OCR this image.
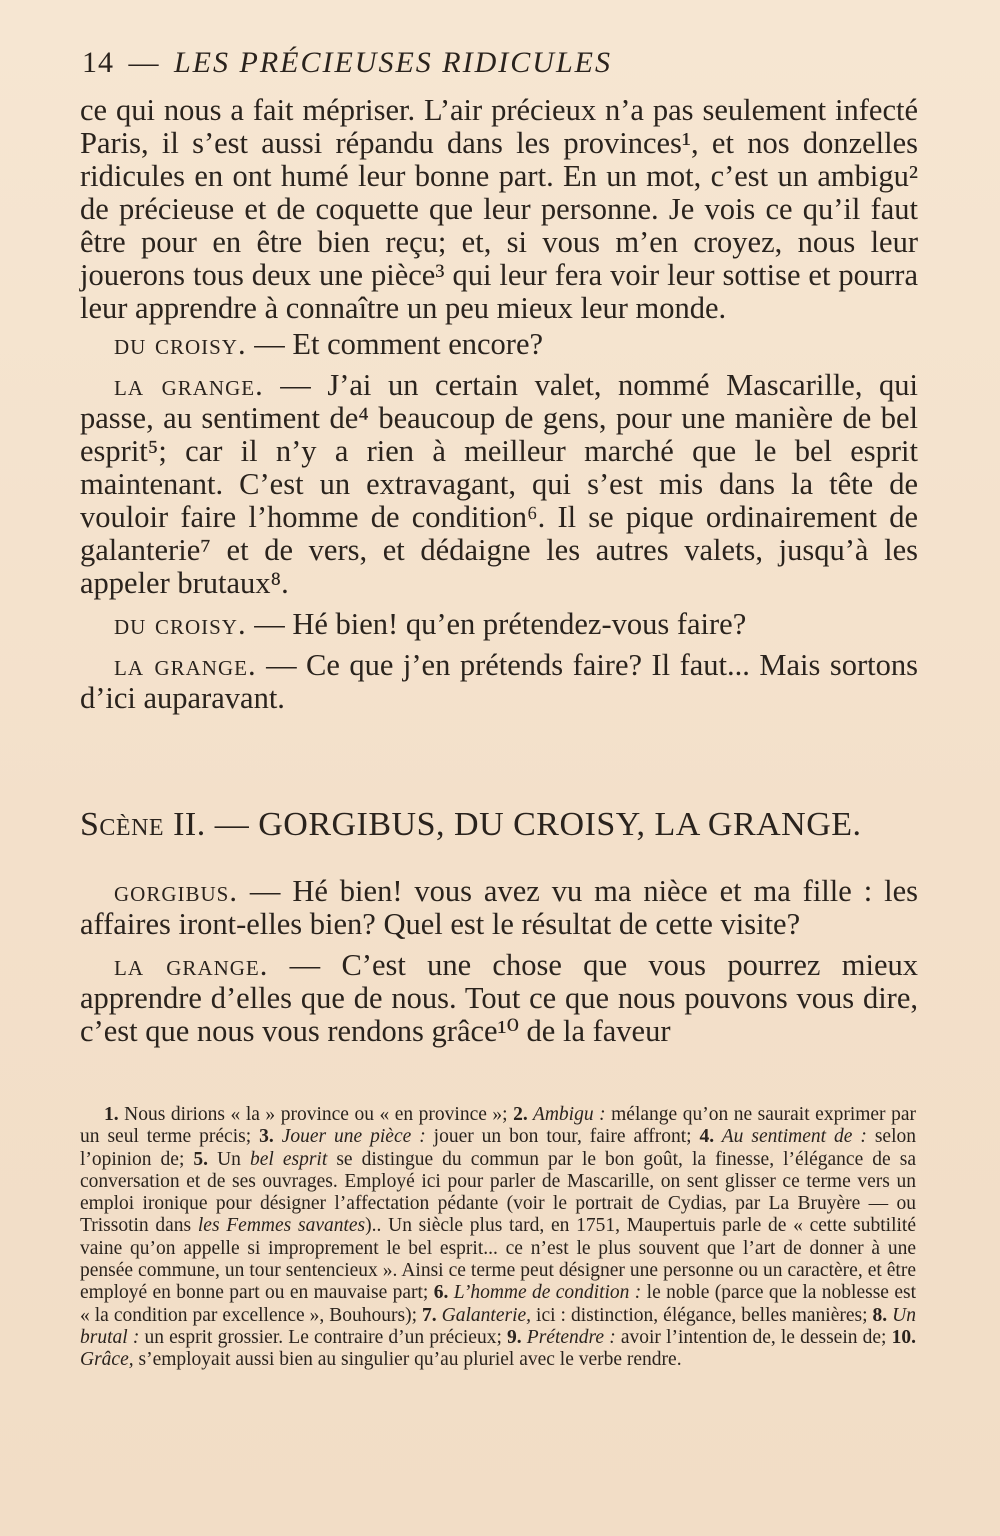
14 — LES PRÉCIEUSES RIDICULES

ce qui nous a fait mépriser. L’air précieux n’a pas seulement infecté Paris, il s’est aussi répandu dans les provinces¹, et nos donzelles ridicules en ont humé leur bonne part. En un mot, c’est un ambigu² de précieuse et de coquette que leur personne. Je vois ce qu’il faut être pour en être bien reçu; et, si vous m’en croyez, nous leur jouerons tous deux une pièce³ qui leur fera voir leur sottise et pourra leur apprendre à connaître un peu mieux leur monde.

du croisy. — Et comment encore?

la grange. — J’ai un certain valet, nommé Mascarille, qui passe, au sentiment de⁴ beaucoup de gens, pour une manière de bel esprit⁵; car il n’y a rien à meilleur marché que le bel esprit maintenant. C’est un extravagant, qui s’est mis dans la tête de vouloir faire l’homme de condition⁶. Il se pique ordinairement de galanterie⁷ et de vers, et dédaigne les autres valets, jusqu’à les appeler brutaux⁸.

du croisy. — Hé bien! qu’en prétendez-vous faire?

la grange. — Ce que j’en prétends faire? Il faut... Mais sortons d’ici auparavant.

Scène II. — GORGIBUS, DU CROISY, LA GRANGE.

gorgibus. — Hé bien! vous avez vu ma nièce et ma fille : les affaires iront-elles bien? Quel est le résultat de cette visite?

la grange. — C’est une chose que vous pourrez mieux apprendre d’elles que de nous. Tout ce que nous pouvons vous dire, c’est que nous vous rendons grâce¹⁰ de la faveur

1. Nous dirions « la » province ou « en province »; 2. Ambigu : mélange qu’on ne saurait exprimer par un seul terme précis; 3. Jouer une pièce : jouer un bon tour, faire affront; 4. Au sentiment de : selon l’opinion de; 5. Un bel esprit se distingue du commun par le bon goût, la finesse, l’élégance de sa conversation et de ses ouvrages. Employé ici pour parler de Mascarille, on sent glisser ce terme vers un emploi ironique pour désigner l’affectation pédante (voir le portrait de Cydias, par La Bruyère — ou Trissotin dans les Femmes savantes).. Un siècle plus tard, en 1751, Maupertuis parle de « cette subtilité vaine qu’on appelle si improprement le bel esprit... ce n’est le plus souvent que l’art de donner à une pensée commune, un tour sentencieux ». Ainsi ce terme peut désigner une personne ou un caractère, et être employé en bonne part ou en mauvaise part; 6. L’homme de condition : le noble (parce que la noblesse est « la condition par excellence », Bouhours); 7. Galanterie, ici : distinction, élégance, belles manières; 8. Un brutal : un esprit grossier. Le contraire d’un précieux; 9. Prétendre : avoir l’intention de, le dessein de; 10. Grâce, s’employait aussi bien au singulier qu’au pluriel avec le verbe rendre.
